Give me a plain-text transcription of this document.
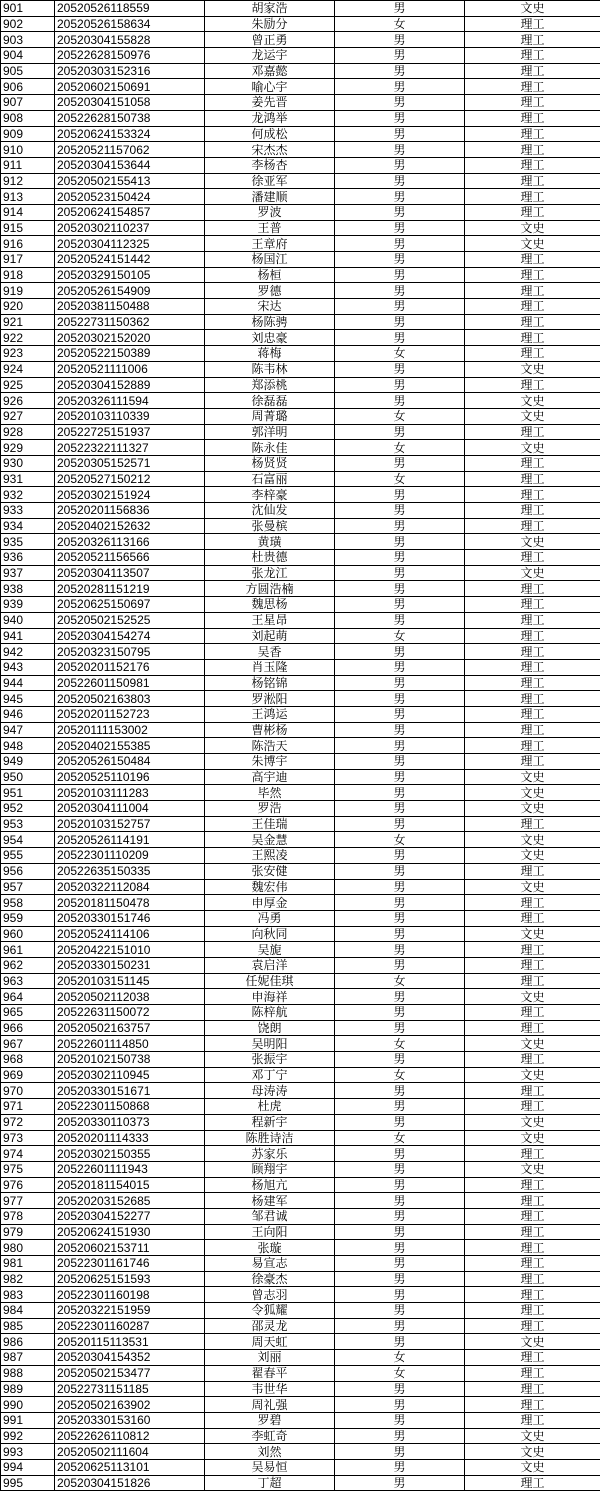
901	20520526118559	胡家浩	男	文史
902	20520526158634	朱励分	女	理工
903	20520304155828	曾正勇	男	理工
904	20522628150976	龙运宇	男	理工
905	20520303152316	邓嘉懿	男	理工
906	20520602150691	喻心宇	男	理工
907	20520304151058	姜先晋	男	理工
908	20522628150738	龙鸿举	男	理工
909	20520624153324	何成松	男	理工
910	20520521157062	宋杰杰	男	理工
911	20520304153644	李杨杏	男	理工
912	20520502155413	徐亚军	男	理工
913	20520523150424	潘建顺	男	理工
914	20520624154857	罗波	男	理工
915	20520302110237	王普	男	文史
916	20520304112325	王章府	男	文史
917	20520524151442	杨国江	男	理工
918	20520329150105	杨桓	男	理工
919	20520526154909	罗德	男	理工
920	20520381150488	宋达	男	理工
921	20522731150362	杨陈骋	男	理工
922	20520302152020	刘忠豪	男	理工
923	20520522150389	蒋梅	女	理工
924	20520521111006	陈韦林	男	文史
925	20520304152889	郑添桃	男	理工
926	20520326111594	徐磊磊	男	文史
927	20520103110339	周菁璐	女	文史
928	20522725151937	郭洋明	男	理工
929	20522322111327	陈永佳	女	文史
930	20520305152571	杨贤贤	男	理工
931	20520527150212	石富丽	女	理工
932	20520302151924	李梓豪	男	理工
933	20520201156836	沈仙发	男	理工
934	20520402152632	张曼槟	男	理工
935	20520326113166	黄璜	男	文史
936	20520521156566	杜贵德	男	理工
937	20520304113507	张龙江	男	文史
938	20520281151219	方圆浩楠	男	理工
939	20520625150697	魏思杨	男	理工
940	20520502152525	王星昂	男	理工
941	20520304154274	刘起萌	女	理工
942	20520323150795	吴香	男	理工
943	20520201152176	肖玉隆	男	理工
944	20522601150981	杨铭锦	男	理工
945	20520502163803	罗淞阳	男	理工
946	20520201152723	王鸿运	男	理工
947	20520111153002	曹彬杨	男	理工
948	20520402155385	陈浩天	男	理工
949	20520526150484	朱博宇	男	理工
950	20520525110196	高宇迪	男	文史
951	20520103111283	毕然	男	文史
952	20520304111004	罗浩	男	文史
953	20520103152757	王佳瑞	男	理工
954	20520526114191	吴金慧	女	文史
955	20522301110209	王熙凌	男	文史
956	20522635150335	张安健	男	理工
957	20520322112084	魏宏伟	男	文史
958	20520181150478	申厚金	男	理工
959	20520330151746	冯勇	男	理工
960	20520524114106	向秋同	男	文史
961	20520422151010	吴旎	男	理工
962	20520330150231	袁启洋	男	理工
963	20520103151145	任妮佳琪	女	理工
964	20520502112038	申海祥	男	文史
965	20522631150072	陈梓航	男	理工
966	20520502163757	饶朗	男	理工
967	20522601114850	吴明阳	女	文史
968	20520102150738	张振宇	男	理工
969	20520302110945	邓丁宁	女	文史
970	20520330151671	母涛涛	男	理工
971	20522301150868	杜虎	男	理工
972	20520330110373	程新宇	男	文史
973	20520201114333	陈胜诗洁	女	文史
974	20520302150355	苏家乐	男	理工
975	20522601111943	顾翔宇	男	文史
976	20520181154015	杨旭亢	男	理工
977	20520203152685	杨建军	男	理工
978	20520304152277	邹君诚	男	理工
979	20520624151930	王向阳	男	理工
980	20520602153711	张璇	男	理工
981	20522301161746	易宣志	男	理工
982	20520625151593	徐豪杰	男	理工
983	20522301160198	曾志羽	男	理工
984	20520322151959	令狐耀	男	理工
985	20522301160287	邵灵龙	男	理工
986	20520115113531	周天虹	男	文史
987	20520304154352	刘丽	女	理工
988	20520502153477	翟春平	女	理工
989	20522731151185	韦世华	男	理工
990	20520502163902	周礼强	男	理工
991	20520330153160	罗碧	男	理工
992	20522626110812	李虹奇	男	文史
993	20520502111604	刘然	男	文史
994	20520625113101	吴易恒	男	文史
995	20520304151826	丁超	男	理工
